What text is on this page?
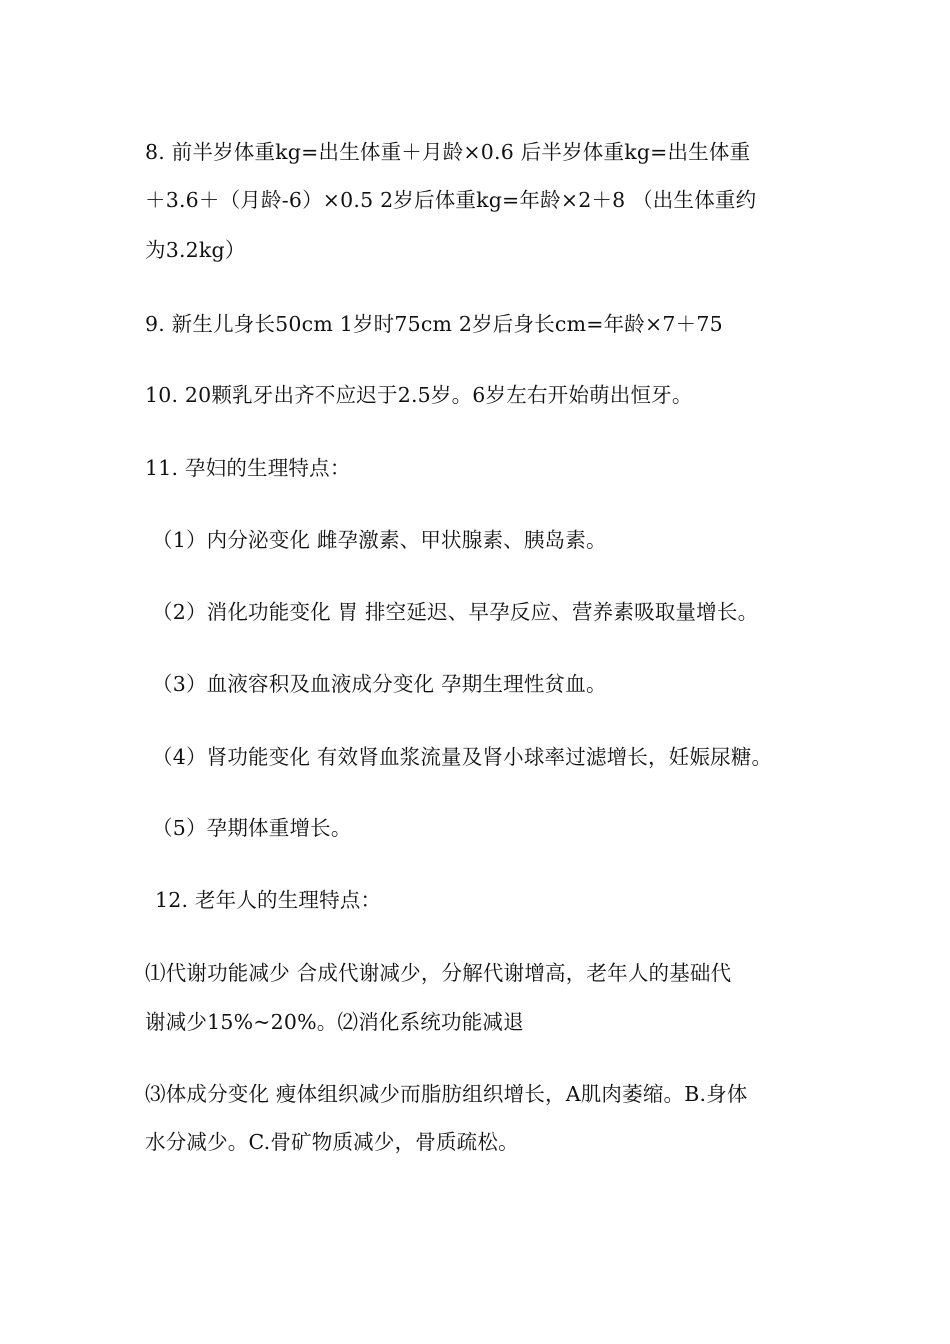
8. 前半岁体重kg=出生体重＋月龄×0.6 后半岁体重kg=出生体重
＋3.6＋（月龄-6）×0.5 2岁后体重kg=年龄×2＋8 （出生体重约
为3.2kg）
9. 新生儿身长50cm 1岁时75cm 2岁后身长cm=年龄×7＋75
10. 20颗乳牙出齐不应迟于2.5岁。6岁左右开始萌出恒牙。
11. 孕妇的生理特点：
（1）内分泌变化 雌孕激素、甲状腺素、胰岛素。
（2）消化功能变化 胃 排空延迟、早孕反应、营养素吸取量增长。
（3）血液容积及血液成分变化 孕期生理性贫血。
（4）肾功能变化 有效肾血浆流量及肾小球率过滤增长，妊娠尿糖。
（5）孕期体重增长。
12. 老年人的生理特点：
⑴代谢功能减少 合成代谢减少，分解代谢增高，老年人的基础代
谢减少15%~20%。⑵消化系统功能减退
⑶体成分变化 瘦体组织减少而脂肪组织增长，A肌肉萎缩。B.身体
水分减少。C.骨矿物质减少，骨质疏松。
